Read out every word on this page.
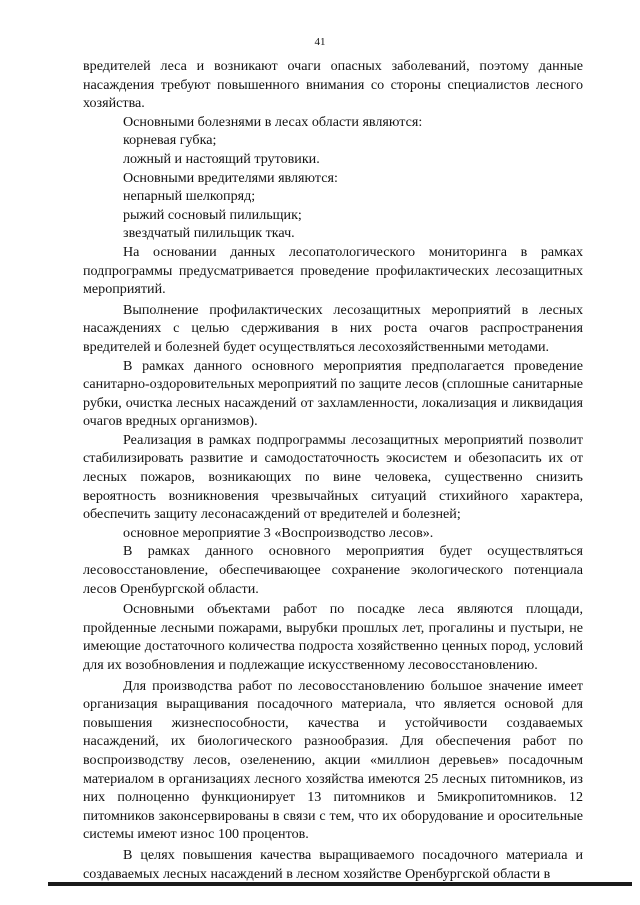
41

вредителей леса и возникают очаги опасных заболеваний, поэтому данные насаждения требуют повышенного внимания со стороны специалистов лесного хозяйства.

Основными болезнями в лесах области являются:

корневая губка;

ложный и настоящий трутовики.

Основными вредителями являются:

непарный шелкопряд;

рыжий сосновый пилильщик;

звездчатый пилильщик ткач.

На основании данных лесопатологического мониторинга в рамках подпрограммы предусматривается проведение профилактических лесозащитных мероприятий.

Выполнение профилактических лесозащитных мероприятий в лесных насаждениях с целью сдерживания в них роста очагов распространения вредителей и болезней будет осуществляться лесохозяйственными методами.

В рамках данного основного мероприятия предполагается проведение санитарно-оздоровительных мероприятий по защите лесов (сплошные санитарные рубки, очистка лесных насаждений от захламленности, локализация и ликвидация очагов вредных организмов).

Реализация в рамках подпрограммы лесозащитных мероприятий позволит стабилизировать развитие и самодостаточность экосистем и обезопасить их от лесных пожаров, возникающих по вине человека, существенно снизить вероятность возникновения чрезвычайных ситуаций стихийного характера, обеспечить защиту лесонасаждений от вредителей и болезней;

основное мероприятие 3 «Воспроизводство лесов».

В рамках данного основного мероприятия будет осуществляться лесовосстановление, обеспечивающее сохранение экологического потенциала лесов Оренбургской области.

Основными объектами работ по посадке леса являются площади, пройденные лесными пожарами, вырубки прошлых лет, прогалины и пустыри, не имеющие достаточного количества подроста хозяйственно ценных пород, условий для их возобновления и подлежащие искусственному лесовосстановлению.

Для производства работ по лесовосстановлению большое значение имеет организация выращивания посадочного материала, что является основой для повышения жизнеспособности, качества и устойчивости создаваемых насаждений, их биологического разнообразия. Для обеспечения работ по воспроизводству лесов, озеленению, акции «миллион деревьев» посадочным материалом в организациях лесного хозяйства имеются 25 лесных питомников, из них полноценно функционирует 13 питомников и 5микропитомников. 12 питомников законсервированы в связи с тем, что их оборудование и оросительные системы имеют износ 100 процентов.

В целях повышения качества выращиваемого посадочного материала и создаваемых лесных насаждений в лесном хозяйстве Оренбургской области в
